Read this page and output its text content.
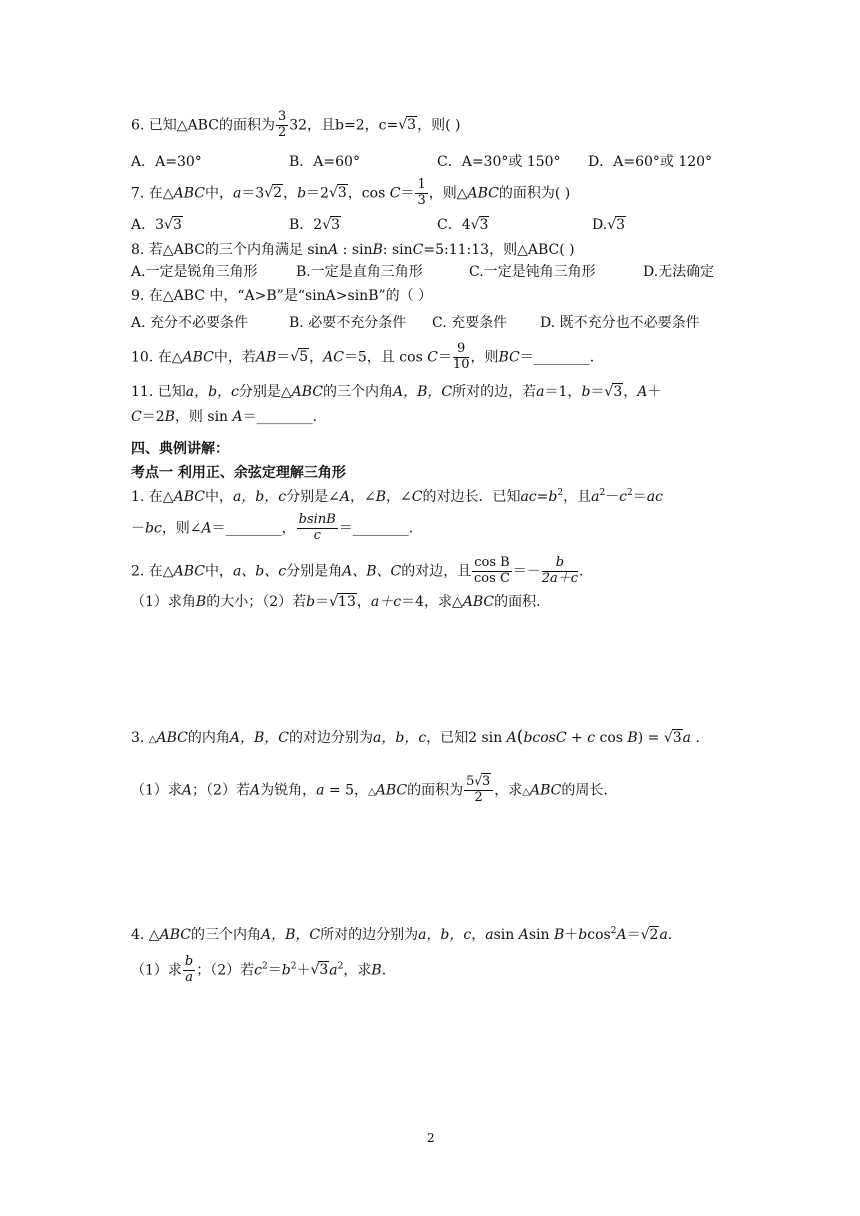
6. 已知△ABC的面积为 $\frac{3}{2} 32$，且b=2，c=√3，则( )
A．A=30°	B．A=60°	C．A=30°或 150° D．A=60°或 120°
7. 在△ABC中，a＝3√2，b＝2√3，$\cos C= \frac{1}{3}$ ，则△ABC的面积为( )
A．3√3	B．2√3	C．4√3	D.√3
8. 若△ABC的三个内角满足 sinA : sinB: sinC=5:11:13，则△ABC( )
A.一定是锐角三角形	B.一定是直角三角形	C.一定是钝角三角形	D.无法确定
9. 在△ABC 中，“A>B”是“sinA>sinB”的（ ）
A. 充分不必要条件	B. 必要不充分条件 C. 充要条件 D. 既不充分也不必要条件
10. 在△ABC中，若AB＝√5，AC＝5，且 $\cos C= \frac{9}{10}$ ，则BC＝________.
11. 已知a，b，c分别是△ABC的三个内角A，B，C所对的边，若a＝1，b＝√3，A＋
C＝2B，则 sin A＝________.
四、典例讲解：
考点一 利用正、余弦定理解三角形
1. 在△ABC中，a，b，c分别是∠A，∠B，∠C的对边长．已知$ac=b^2$，且$a^2-c^2=ac$
－bc，则∠A＝________， $\frac{bsinB}{c}$ ＝________.
2. 在△ABC中，a、b、c分别是角A、B、C的对边，且 $\frac{\text{cos B}}{\text{cos C}} =- \frac{b}{2a+c}$ .
（1）求角B的大小；（2）若b＝√13，a＋c＝4，求△ABC的面积.
3. △ABC的内角A，B，C的对边分别为a，b，c，已知2 sin A(bcosC + c cos B) = √3a .
（1）求A；（2）若A为锐角，a = 5，△ABC的面积为 $\frac{5√3}{2}$ ，求△ABC的周长.
4. △ABC的三个内角A，B，C所对的边分别为a，b，c，asin Asin B＋bcos$^2$A＝√2a.
（1）求 $\frac{b}{a}$ ；（2）若$c^2=b^2+√3a^2$，求B.
2
